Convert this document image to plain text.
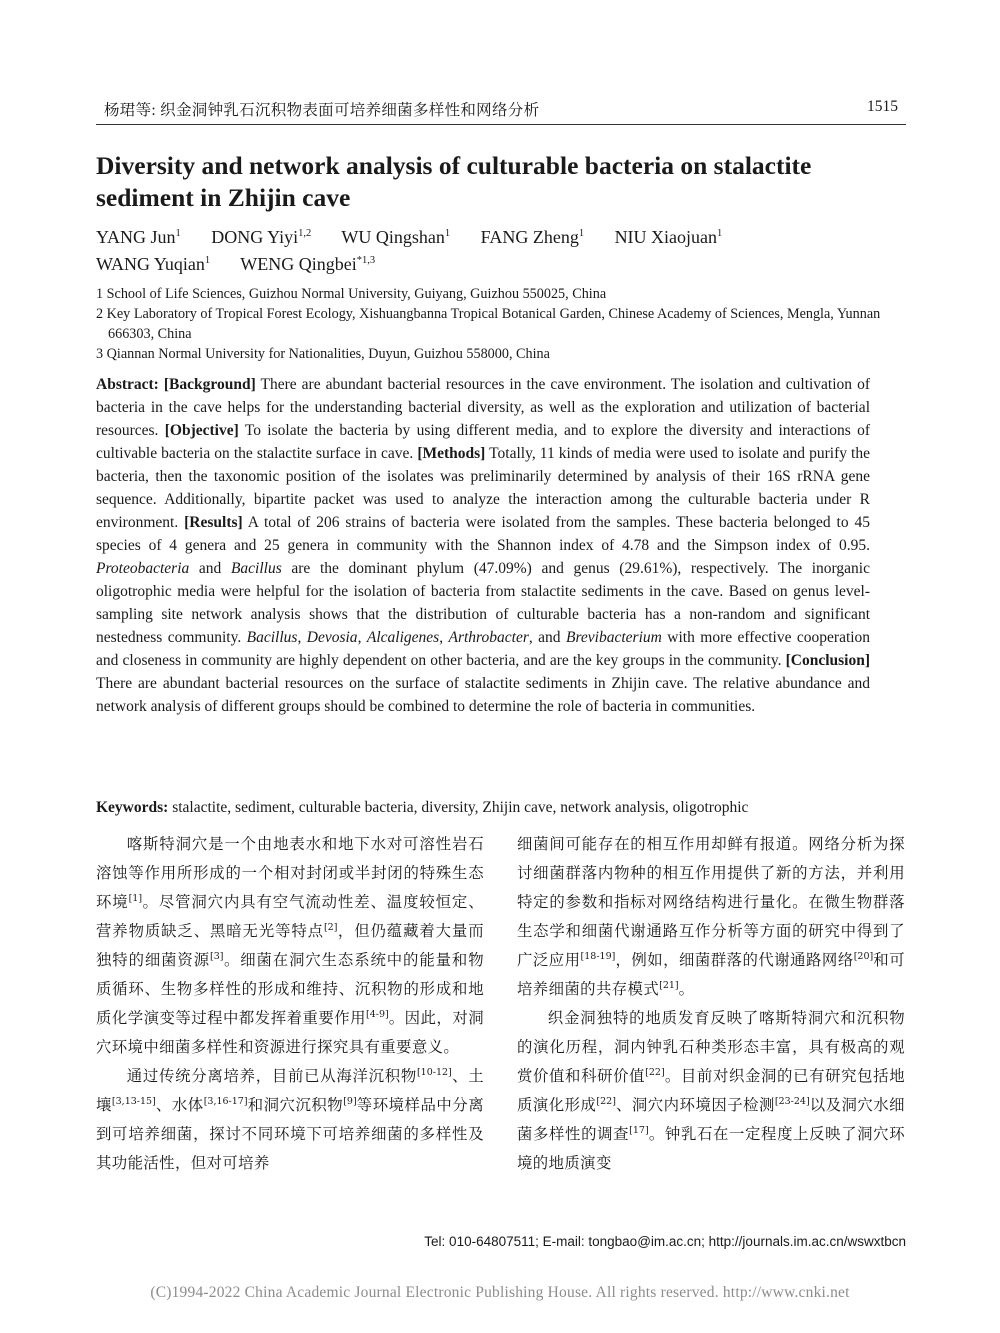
杨珺等: 织金洞钟乳石沉积物表面可培养细菌多样性和网络分析	1515
Diversity and network analysis of culturable bacteria on stalactite sediment in Zhijin cave
YANG Jun$^1$ DONG Yiyi$^{1,2}$ WU Qingshan$^1$ FANG Zheng$^1$ NIU Xiaojuan$^1$
WANG Yuqian$^1$ WENG Qingbei$^{*1,3}$
1 School of Life Sciences, Guizhou Normal University, Guiyang, Guizhou 550025, China
2 Key Laboratory of Tropical Forest Ecology, Xishuangbanna Tropical Botanical Garden, Chinese Academy of Sciences, Mengla, Yunnan 666303, China
3 Qiannan Normal University for Nationalities, Duyun, Guizhou 558000, China
Abstract: [Background] There are abundant bacterial resources in the cave environment. The isolation and cultivation of bacteria in the cave helps for the understanding bacterial diversity, as well as the exploration and utilization of bacterial resources. [Objective] To isolate the bacteria by using different media, and to explore the diversity and interactions of cultivable bacteria on the stalactite surface in cave. [Methods] Totally, 11 kinds of media were used to isolate and purify the bacteria, then the taxonomic position of the isolates was preliminarily determined by analysis of their 16S rRNA gene sequence. Additionally, bipartite packet was used to analyze the interaction among the culturable bacteria under R environment. [Results] A total of 206 strains of bacteria were isolated from the samples. These bacteria belonged to 45 species of 4 genera and 25 genera in community with the Shannon index of 4.78 and the Simpson index of 0.95. Proteobacteria and Bacillus are the dominant phylum (47.09%) and genus (29.61%), respectively. The inorganic oligotrophic media were helpful for the isolation of bacteria from stalactite sediments in the cave. Based on genus level-sampling site network analysis shows that the distribution of culturable bacteria has a non-random and significant nestedness community. Bacillus, Devosia, Alcaligenes, Arthrobacter, and Brevibacterium with more effective cooperation and closeness in community are highly dependent on other bacteria, and are the key groups in the community. [Conclusion] There are abundant bacterial resources on the surface of stalactite sediments in Zhijin cave. The relative abundance and network analysis of different groups should be combined to determine the role of bacteria in communities.
Keywords: stalactite, sediment, culturable bacteria, diversity, Zhijin cave, network analysis, oligotrophic

喀斯特洞穴是一个由地表水和地下水对可溶性岩石溶蚀等作用所形成的一个相对封闭或半封闭的特殊生态环境[1]。尽管洞穴内具有空气流动性差、温度较恒定、营养物质缺乏、黑暗无光等特点[2]，但仍蕴藏着大量而独特的细菌资源[3]。细菌在洞穴生态系统中的能量和物质循环、生物多样性的形成和维持、沉积物的形成和地质化学演变等过程中都发挥着重要作用[4-9]。因此，对洞穴环境中细菌多样性和资源进行探究具有重要意义。

通过传统分离培养，目前已从海洋沉积物[10-12]、土壤[3,13-15]、水体[3,16-17]和洞穴沉积物[9]等环境样品中分离到可培养细菌，探讨不同环境下可培养细菌的多样性及其功能活性，但对可培养

细菌间可能存在的相互作用却鲜有报道。网络分析为探讨细菌群落内物种的相互作用提供了新的方法，并利用特定的参数和指标对网络结构进行量化。在微生物群落生态学和细菌代谢通路互作分析等方面的研究中得到了广泛应用[18-19]，例如，细菌群落的代谢通路网络[20]和可培养细菌的共存模式[21]。

织金洞独特的地质发育反映了喀斯特洞穴和沉积物的演化历程，洞内钟乳石种类形态丰富，具有极高的观赏价值和科研价值[22]。目前对织金洞的已有研究包括地质演化形成[22]、洞穴内环境因子检测[23-24]以及洞穴水细菌多样性的调查[17]。钟乳石在一定程度上反映了洞穴环境的地质演变

Tel: 010-64807511; E-mail: tongbao@im.ac.cn; http://journals.im.ac.cn/wswxtbcn
(C)1994-2022 China Academic Journal Electronic Publishing House. All rights reserved. http://www.cnki.net
